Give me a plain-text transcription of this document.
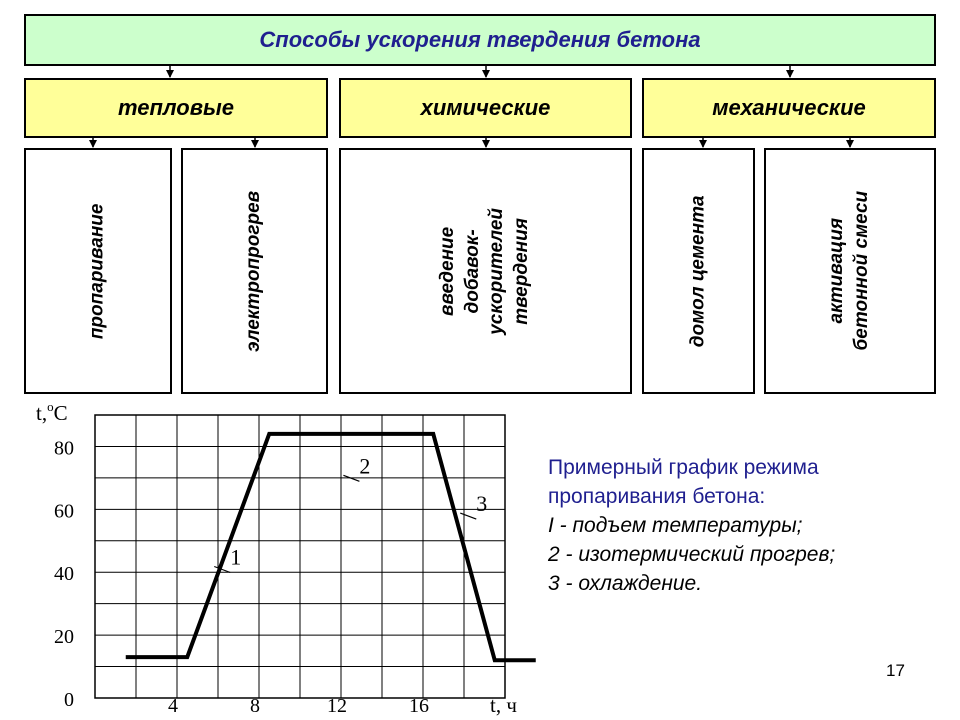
Способы ускорения твердения бетона
тепловые	химические	механические
пропаривание	электропрогрев	введение добавок- ускорителей твердения	домол цемента	активация бетонной смеси
0
20
40
60
80
4	8	12	16
t,$^o$C
t, ч
1
2
3
Примерный график режима
пропаривания бетона:
I - подъем температуры;
2 - изотермический прогрев;
3 - охлаждение.
17
